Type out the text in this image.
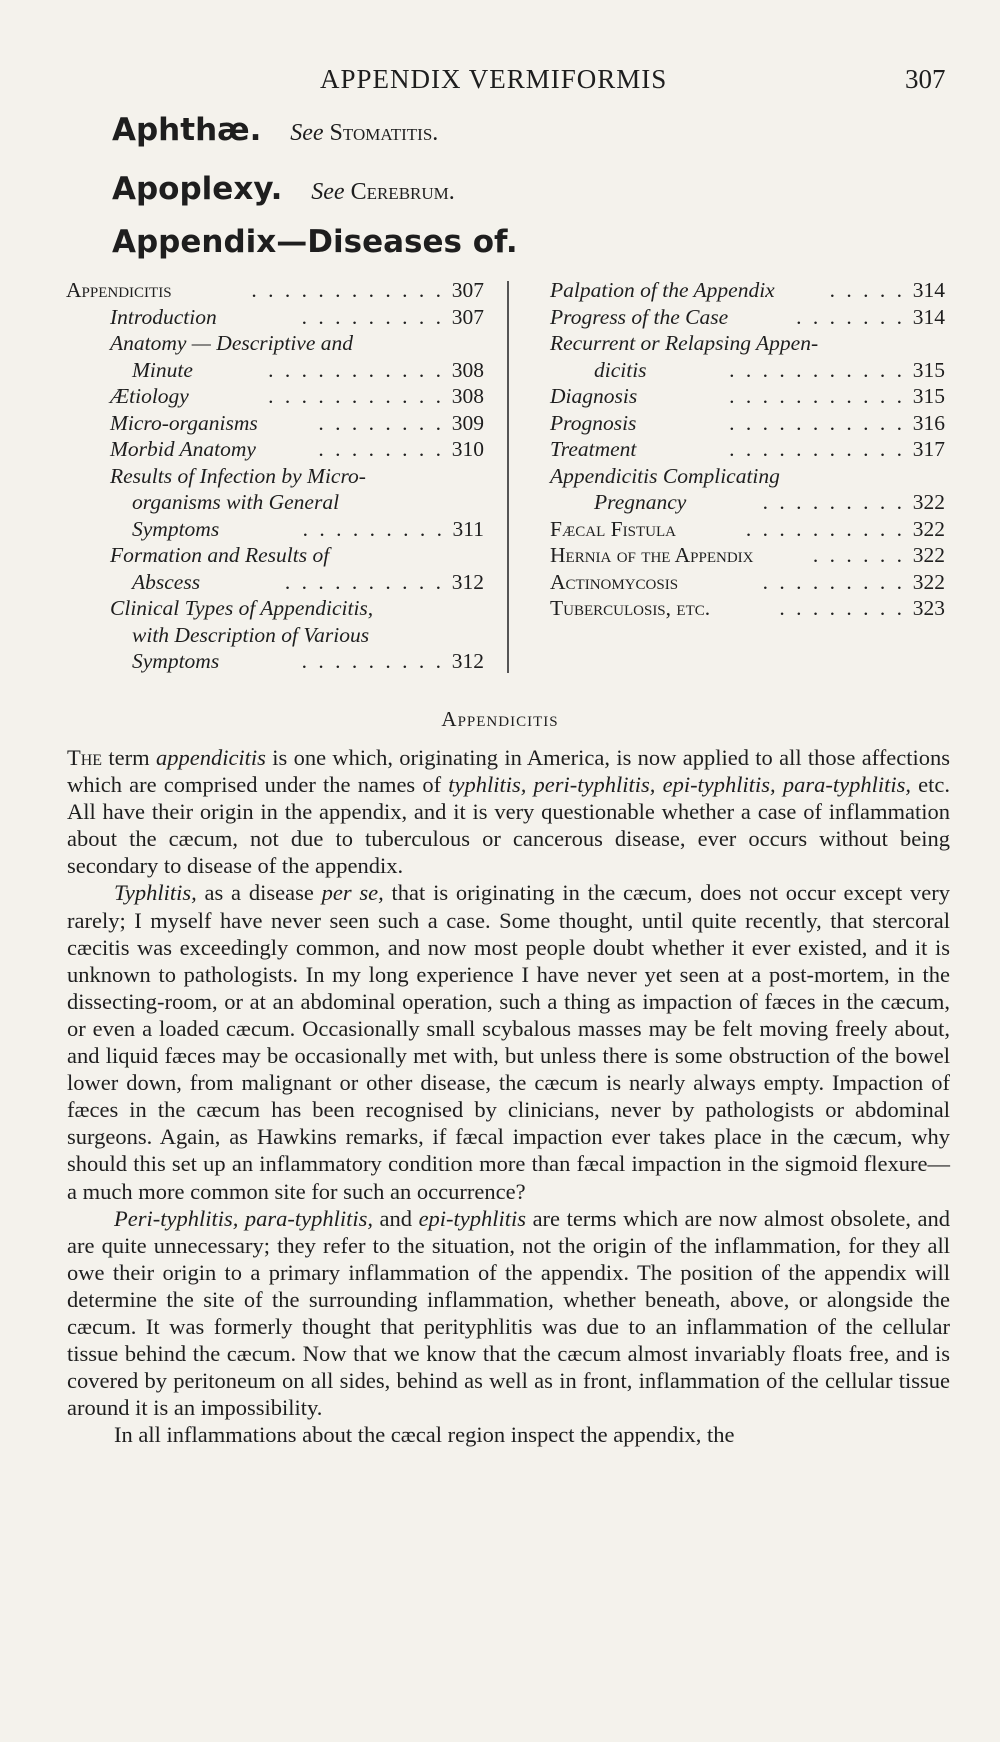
APPENDIX VERMIFORMIS	307
Aphthæ. See Stomatitis.
Apoplexy. See Cerebrum.
Appendix—Diseases of.
Appendicitis	307
. . . . . . . . . . . .
Introduction	307
. . . . . . . . .
Anatomy — Descriptive and
Minute	308
. . . . . . . . . . .
Ætiology	308
. . . . . . . . . . .
Micro-organisms	309
. . . . . . . .
Morbid Anatomy	310
. . . . . . . .
Results of Infection by Micro-
organisms with General
Symptoms	311
. . . . . . . . .
Formation and Results of
Abscess	312
. . . . . . . . . .
Clinical Types of Appendicitis,
with Description of Various
Symptoms	312
. . . . . . . . .
Palpation of the Appendix	314
. . . . .
Progress of the Case	314
. . . . . . .
Recurrent or Relapsing Appen-
dicitis	315
. . . . . . . . . . .
Diagnosis	315
. . . . . . . . . . .
Prognosis	316
. . . . . . . . . . .
Treatment	317
. . . . . . . . . . .
Appendicitis Complicating
Pregnancy	322
. . . . . . . . .
Fæcal Fistula	322
. . . . . . . . . .
Hernia of the Appendix	322
. . . . . .
Actinomycosis	322
. . . . . . . . .
Tuberculosis, etc.	323
. . . . . . . .
Appendicitis

The term appendicitis is one which, originating in America, is now applied to all those affections which are comprised under the names of typhlitis, peri-typhlitis, epi-typhlitis, para-typhlitis, etc. All have their origin in the appendix, and it is very questionable whether a case of inflammation about the cæcum, not due to tuberculous or cancerous disease, ever occurs without being secondary to disease of the appendix.

Typhlitis, as a disease per se, that is originating in the cæcum, does not occur except very rarely; I myself have never seen such a case. Some thought, until quite recently, that stercoral cæcitis was exceedingly common, and now most people doubt whether it ever existed, and it is unknown to pathologists. In my long experience I have never yet seen at a post-mortem, in the dissecting-room, or at an abdominal operation, such a thing as impaction of fæces in the cæcum, or even a loaded cæcum. Occasionally small scybalous masses may be felt moving freely about, and liquid fæces may be occasionally met with, but unless there is some obstruction of the bowel lower down, from malignant or other disease, the cæcum is nearly always empty. Impaction of fæces in the cæcum has been recognised by clinicians, never by pathologists or abdominal surgeons. Again, as Hawkins remarks, if fæcal impaction ever takes place in the cæcum, why should this set up an inflammatory condition more than fæcal impaction in the sigmoid flexure—a much more common site for such an occurrence?

Peri-typhlitis, para-typhlitis, and epi-typhlitis are terms which are now almost obsolete, and are quite unnecessary; they refer to the situation, not the origin of the inflammation, for they all owe their origin to a primary inflammation of the appendix. The position of the appendix will determine the site of the surrounding inflammation, whether beneath, above, or alongside the cæcum. It was formerly thought that perityphlitis was due to an inflammation of the cellular tissue behind the cæcum. Now that we know that the cæcum almost invariably floats free, and is covered by peritoneum on all sides, behind as well as in front, inflammation of the cellular tissue around it is an impossibility.

In all inflammations about the cæcal region inspect the appendix, the
